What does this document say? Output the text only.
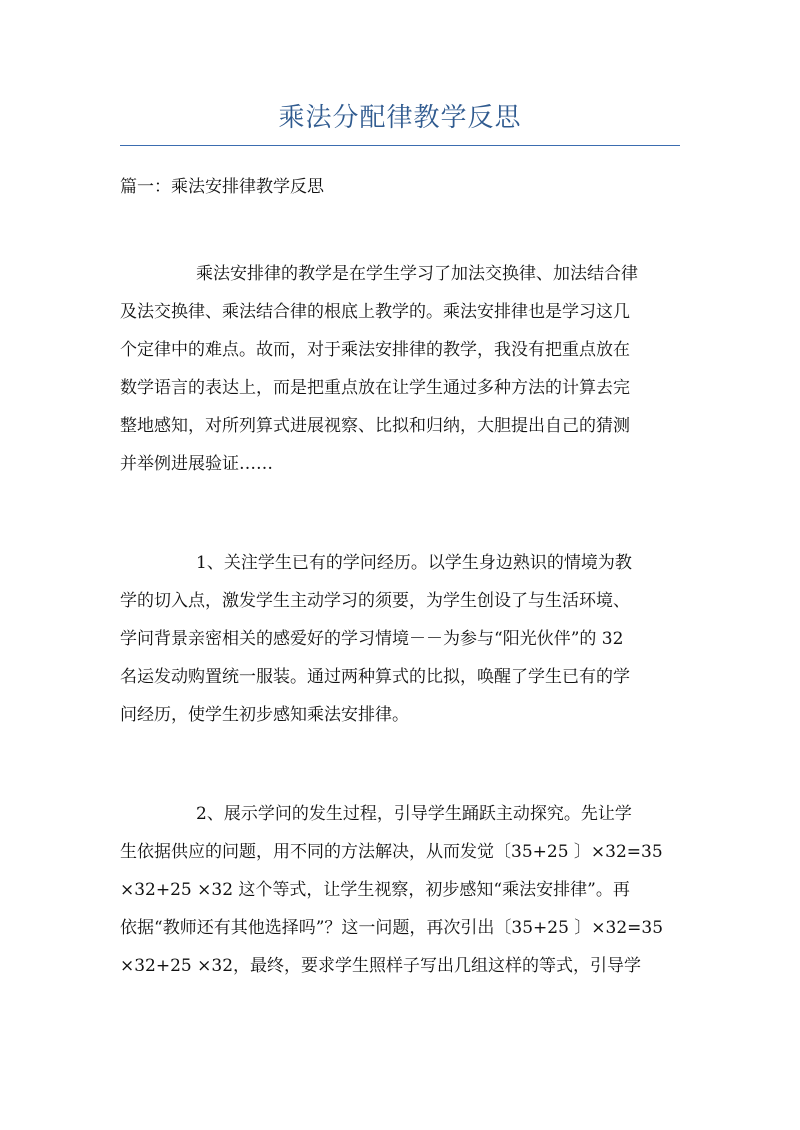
乘法分配律教学反思
篇一：乘法安排律教学反思
乘法安排律的教学是在学生学习了加法交换律、加法结合律
及法交换律、乘法结合律的根底上教学的。乘法安排律也是学习这几
个定律中的难点。故而，对于乘法安排律的教学，我没有把重点放在
数学语言的表达上，而是把重点放在让学生通过多种方法的计算去完
整地感知，对所列算式进展视察、比拟和归纳，大胆提出自己的猜测
并举例进展验证……
1、关注学生已有的学问经历。以学生身边熟识的情境为教
学的切入点，激发学生主动学习的须要，为学生创设了与生活环境、
学问背景亲密相关的感爱好的学习情境－－为参与“阳光伙伴”的 32
名运发动购置统一服装。通过两种算式的比拟，唤醒了学生已有的学
问经历，使学生初步感知乘法安排律。
2、展示学问的发生过程，引导学生踊跃主动探究。先让学
生依据供应的问题，用不同的方法解决，从而发觉〔35+25 〕×32=35
×32+25 ×32 这个等式，让学生视察，初步感知“乘法安排律”。再
依据“教师还有其他选择吗”？这一问题，再次引出〔35+25 〕×32=35
×32+25 ×32，最终，要求学生照样子写出几组这样的等式，引导学
